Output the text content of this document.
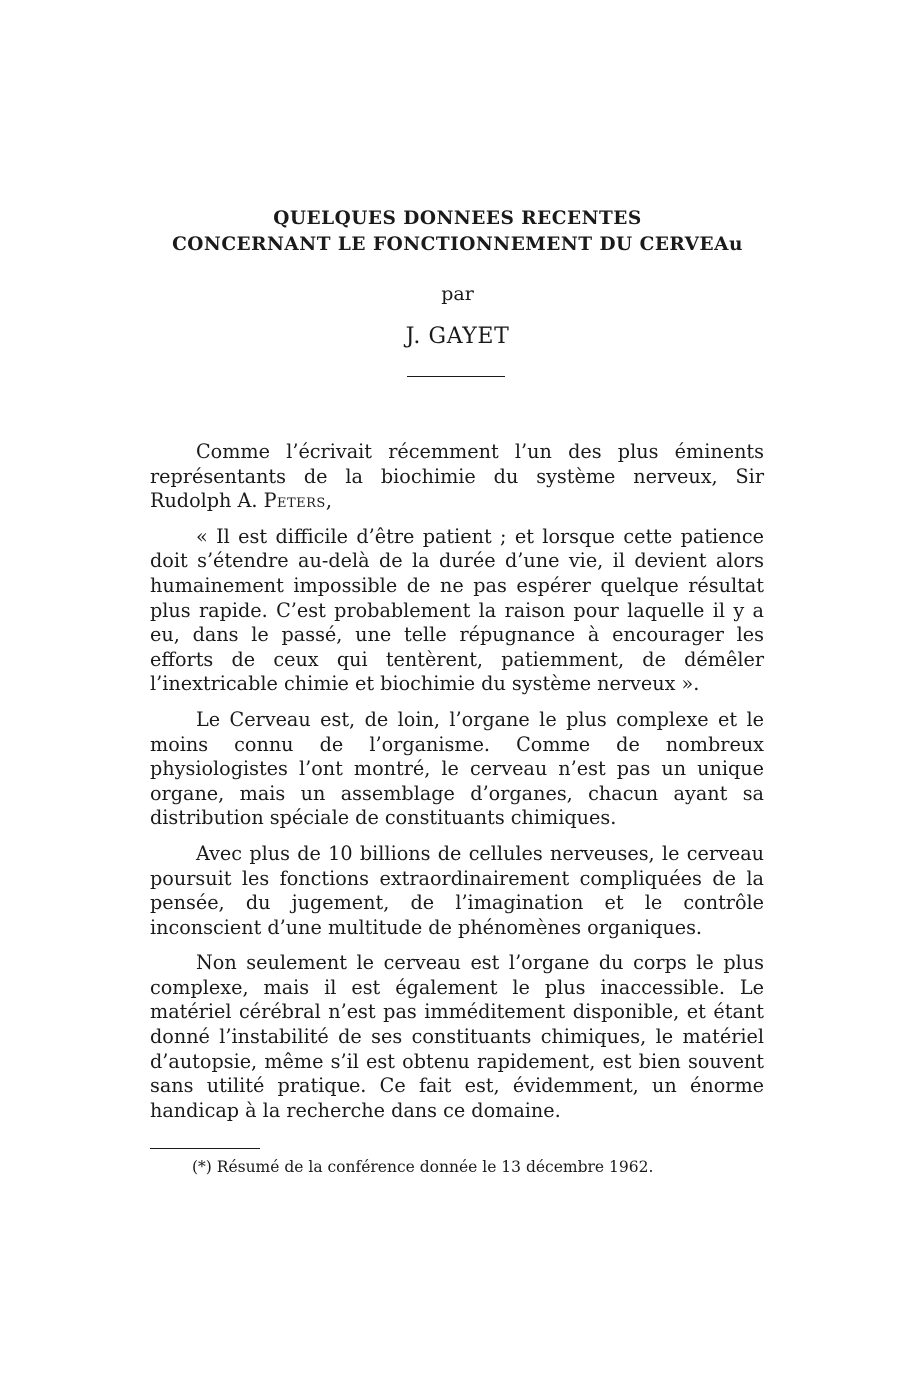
QUELQUES DONNEES RECENTES
CONCERNANT LE FONCTIONNEMENT DU CERVEAu

par

J. GAYET

Comme l’écrivait récemment l’un des plus éminents représentants de la biochimie du système nerveux, Sir Rudolph A. Peters,

« Il est difficile d’être patient ; et lorsque cette patience doit s’étendre au-delà de la durée d’une vie, il devient alors humainement impossible de ne pas espérer quelque résultat plus rapide. C’est probablement la raison pour laquelle il y a eu, dans le passé, une telle répugnance à encourager les efforts de ceux qui tentèrent, patiemment, de démêler l’inextricable chimie et biochimie du système nerveux ».

Le Cerveau est, de loin, l’organe le plus complexe et le moins connu de l’organisme. Comme de nombreux physiologistes l’ont montré, le cerveau n’est pas un unique organe, mais un assemblage d’organes, chacun ayant sa distribution spéciale de constituants chimiques.

Avec plus de 10 billions de cellules nerveuses, le cerveau poursuit les fonctions extraordinairement compliquées de la pensée, du jugement, de l’imagination et le contrôle inconscient d’une multitude de phénomènes organiques.

Non seulement le cerveau est l’organe du corps le plus complexe, mais il est également le plus inaccessible. Le matériel cérébral n’est pas imméditement disponible, et étant donné l’instabilité de ses constituants chimiques, le matériel d’autopsie, même s’il est obtenu rapidement, est bien souvent sans utilité pratique. Ce fait est, évidemment, un énorme handicap à la recherche dans ce domaine.

(*) Résumé de la conférence donnée le 13 décembre 1962.
